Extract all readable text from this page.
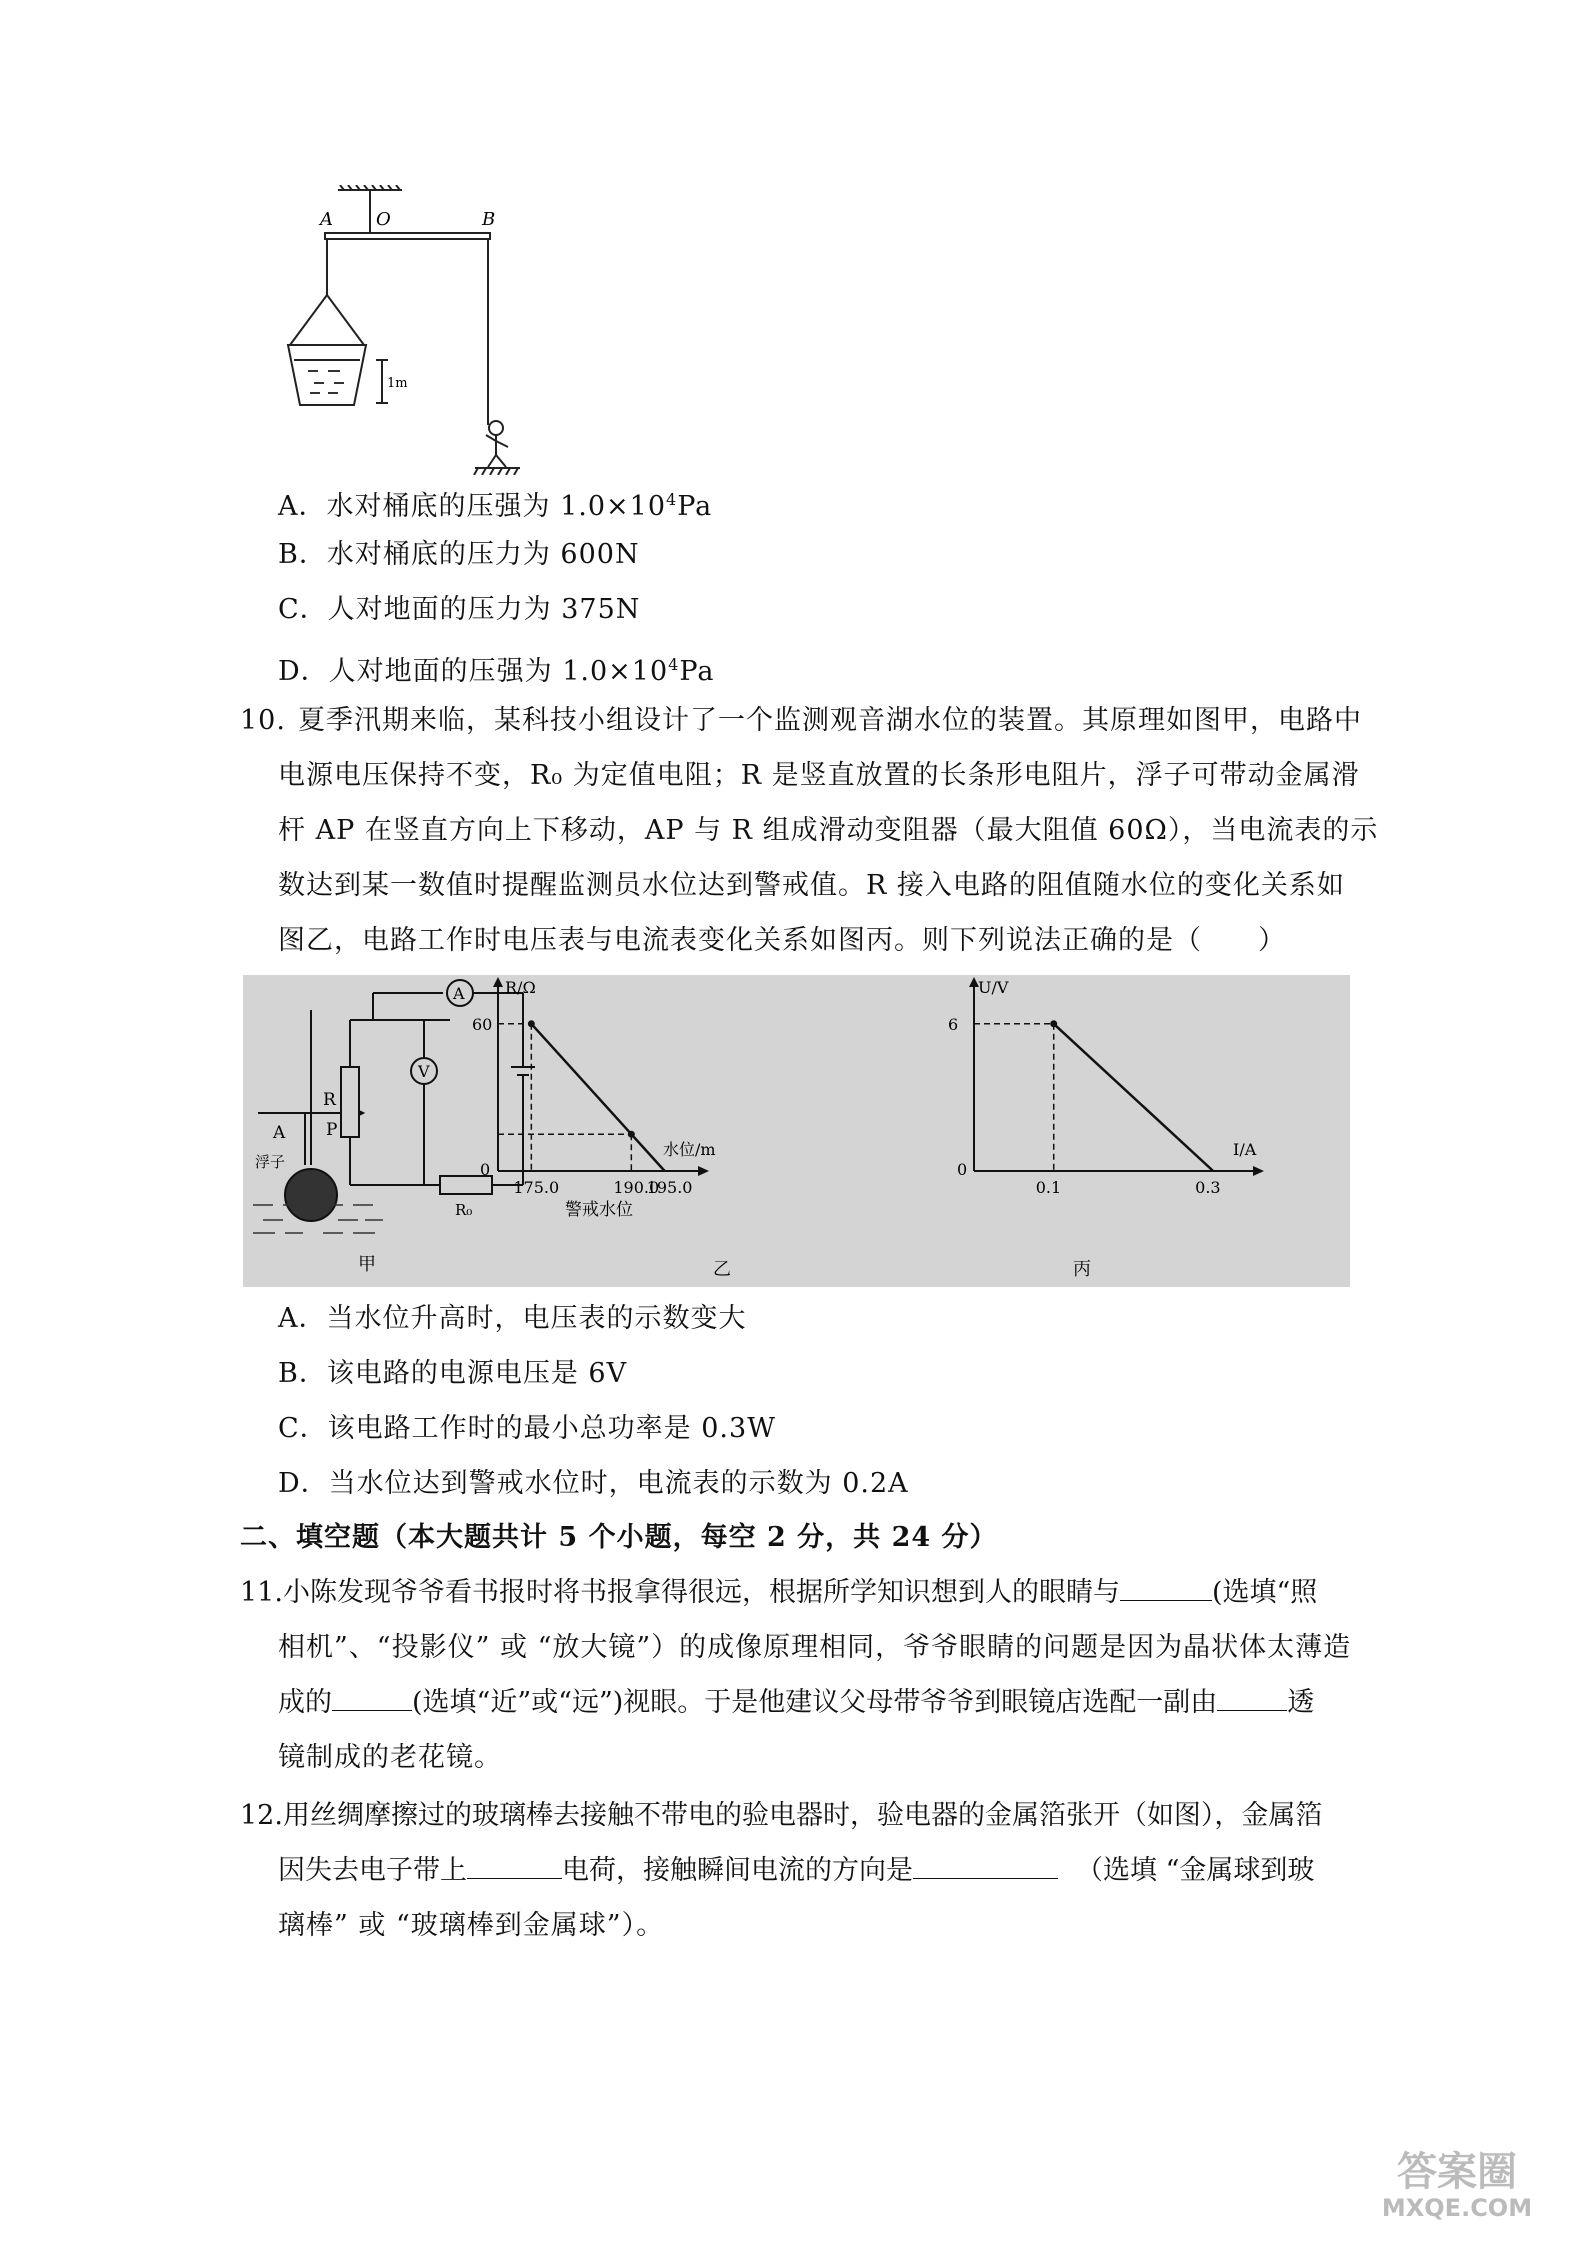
A O	B
1m
A．水对桶底的压强为 $1.0\times 10^4Pa$
B．水对桶底的压力为 600N
C．人对地面的压力为 375N
D．人对地面的压强为 $1.0\times 10^4Pa$
10. 夏季汛期来临，某科技小组设计了一个监测观音湖水位的装置。其原理如图甲，电路中
电源电压保持不变，R₀ 为定值电阻；R 是竖直放置的长条形电阻片，浮子可带动金属滑
杆 AP 在竖直方向上下移动，AP 与 R 组成滑动变阻器（最大阻值 60Ω），当电流表的示
数达到某一数值时提醒监测员水位达到警戒值。R 接入电路的阻值随水位的变化关系如
图乙，电路工作时电压表与电流表变化关系如图丙。则下列说法正确的是（　　）
A
V
R
P
A
浮子
R₀
甲
R/Ω
水位/m
0
警戒水位
乙
U/V
I/A
0
丙
175.0	190.0
195.0
60
0.1	0.3
6
A．当水位升高时，电压表的示数变大
B．该电路的电源电压是 6V
C．该电路工作时的最小总功率是 0.3W
D．当水位达到警戒水位时，电流表的示数为 0.2A
二、填空题（本大题共计 5 个小题，每空 2 分，共 24 分）
11.小陈发现爷爷看书报时将书报拿得很远，根据所学知识想到人的眼睛与	(选填“照
相机”、“投影仪” 或 “放大镜”）的成像原理相同，爷爷眼睛的问题是因为晶状体太薄造
成的	(选填“近”或“远”)视眼。于是他建议父母带爷爷到眼镜店选配一副由	透
镜制成的老花镜。
12.用丝绸摩擦过的玻璃棒去接触不带电的验电器时，验电器的金属箔张开（如图），金属箔
因失去电子带上	电荷，接触瞬间电流的方向是	（选填 “金属球到玻
璃棒” 或 “玻璃棒到金属球”）。
答案圈
MXQE.COM
